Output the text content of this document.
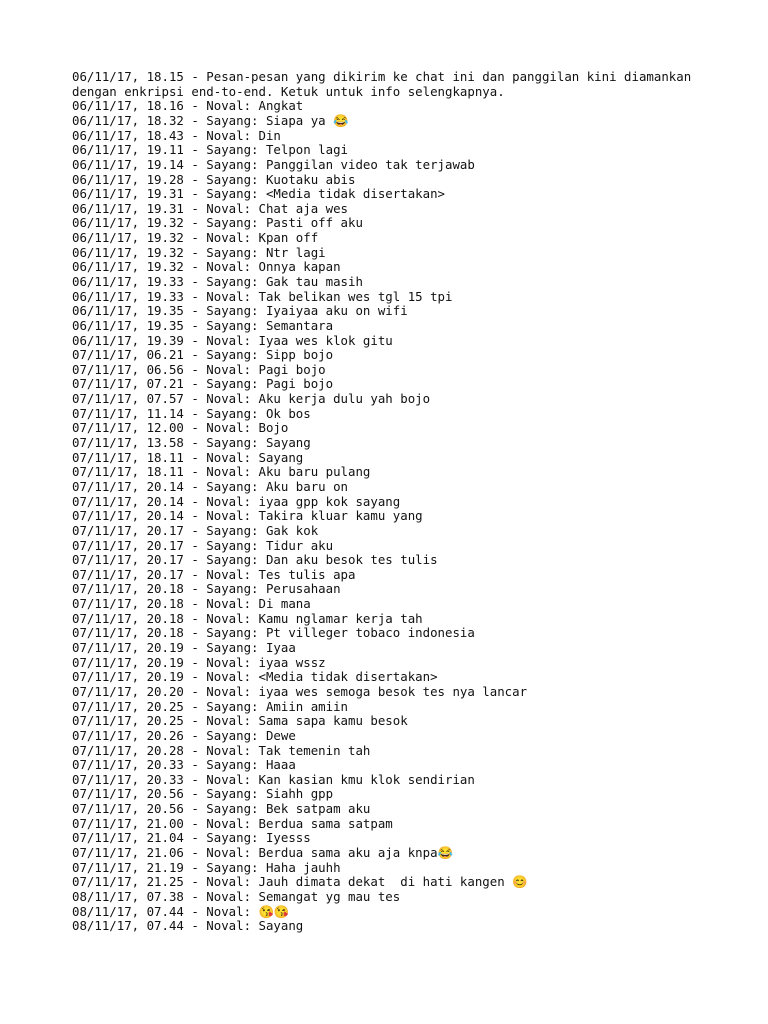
06/11/17, 18.15 - Pesan-pesan yang dikirim ke chat ini dan panggilan kini diamankan
dengan enkripsi end-to-end. Ketuk untuk info selengkapnya.
06/11/17, 18.16 - Noval: Angkat
06/11/17, 18.32 - Sayang: Siapa ya 😂
06/11/17, 18.43 - Noval: Din
06/11/17, 19.11 - Sayang: Telpon lagi
06/11/17, 19.14 - Sayang: Panggilan video tak terjawab
06/11/17, 19.28 - Sayang: Kuotaku abis
06/11/17, 19.31 - Sayang: <Media tidak disertakan>
06/11/17, 19.31 - Noval: Chat aja wes
06/11/17, 19.32 - Sayang: Pasti off aku
06/11/17, 19.32 - Noval: Kpan off
06/11/17, 19.32 - Sayang: Ntr lagi
06/11/17, 19.32 - Noval: Onnya kapan
06/11/17, 19.33 - Sayang: Gak tau masih
06/11/17, 19.33 - Noval: Tak belikan wes tgl 15 tpi
06/11/17, 19.35 - Sayang: Iyaiyaa aku on wifi
06/11/17, 19.35 - Sayang: Semantara
06/11/17, 19.39 - Noval: Iyaa wes klok gitu
07/11/17, 06.21 - Sayang: Sipp bojo
07/11/17, 06.56 - Noval: Pagi bojo
07/11/17, 07.21 - Sayang: Pagi bojo
07/11/17, 07.57 - Noval: Aku kerja dulu yah bojo
07/11/17, 11.14 - Sayang: Ok bos
07/11/17, 12.00 - Noval: Bojo
07/11/17, 13.58 - Sayang: Sayang
07/11/17, 18.11 - Noval: Sayang
07/11/17, 18.11 - Noval: Aku baru pulang
07/11/17, 20.14 - Sayang: Aku baru on
07/11/17, 20.14 - Noval: iyaa gpp kok sayang
07/11/17, 20.14 - Noval: Takira kluar kamu yang
07/11/17, 20.17 - Sayang: Gak kok
07/11/17, 20.17 - Sayang: Tidur aku
07/11/17, 20.17 - Sayang: Dan aku besok tes tulis
07/11/17, 20.17 - Noval: Tes tulis apa
07/11/17, 20.18 - Sayang: Perusahaan
07/11/17, 20.18 - Noval: Di mana
07/11/17, 20.18 - Noval: Kamu nglamar kerja tah
07/11/17, 20.18 - Sayang: Pt villeger tobaco indonesia
07/11/17, 20.19 - Sayang: Iyaa
07/11/17, 20.19 - Noval: iyaa wssz
07/11/17, 20.19 - Noval: <Media tidak disertakan>
07/11/17, 20.20 - Noval: iyaa wes semoga besok tes nya lancar
07/11/17, 20.25 - Sayang: Amiin amiin
07/11/17, 20.25 - Noval: Sama sapa kamu besok
07/11/17, 20.26 - Sayang: Dewe
07/11/17, 20.28 - Noval: Tak temenin tah
07/11/17, 20.33 - Sayang: Haaa
07/11/17, 20.33 - Noval: Kan kasian kmu klok sendirian
07/11/17, 20.56 - Sayang: Siahh gpp
07/11/17, 20.56 - Sayang: Bek satpam aku
07/11/17, 21.00 - Noval: Berdua sama satpam
07/11/17, 21.04 - Sayang: Iyesss
07/11/17, 21.06 - Noval: Berdua sama aku aja knpa😂
07/11/17, 21.19 - Sayang: Haha jauhh
07/11/17, 21.25 - Noval: Jauh dimata dekat  di hati kangen 😊
08/11/17, 07.38 - Noval: Semangat yg mau tes
08/11/17, 07.44 - Noval: 😘😘
08/11/17, 07.44 - Noval: Sayang
